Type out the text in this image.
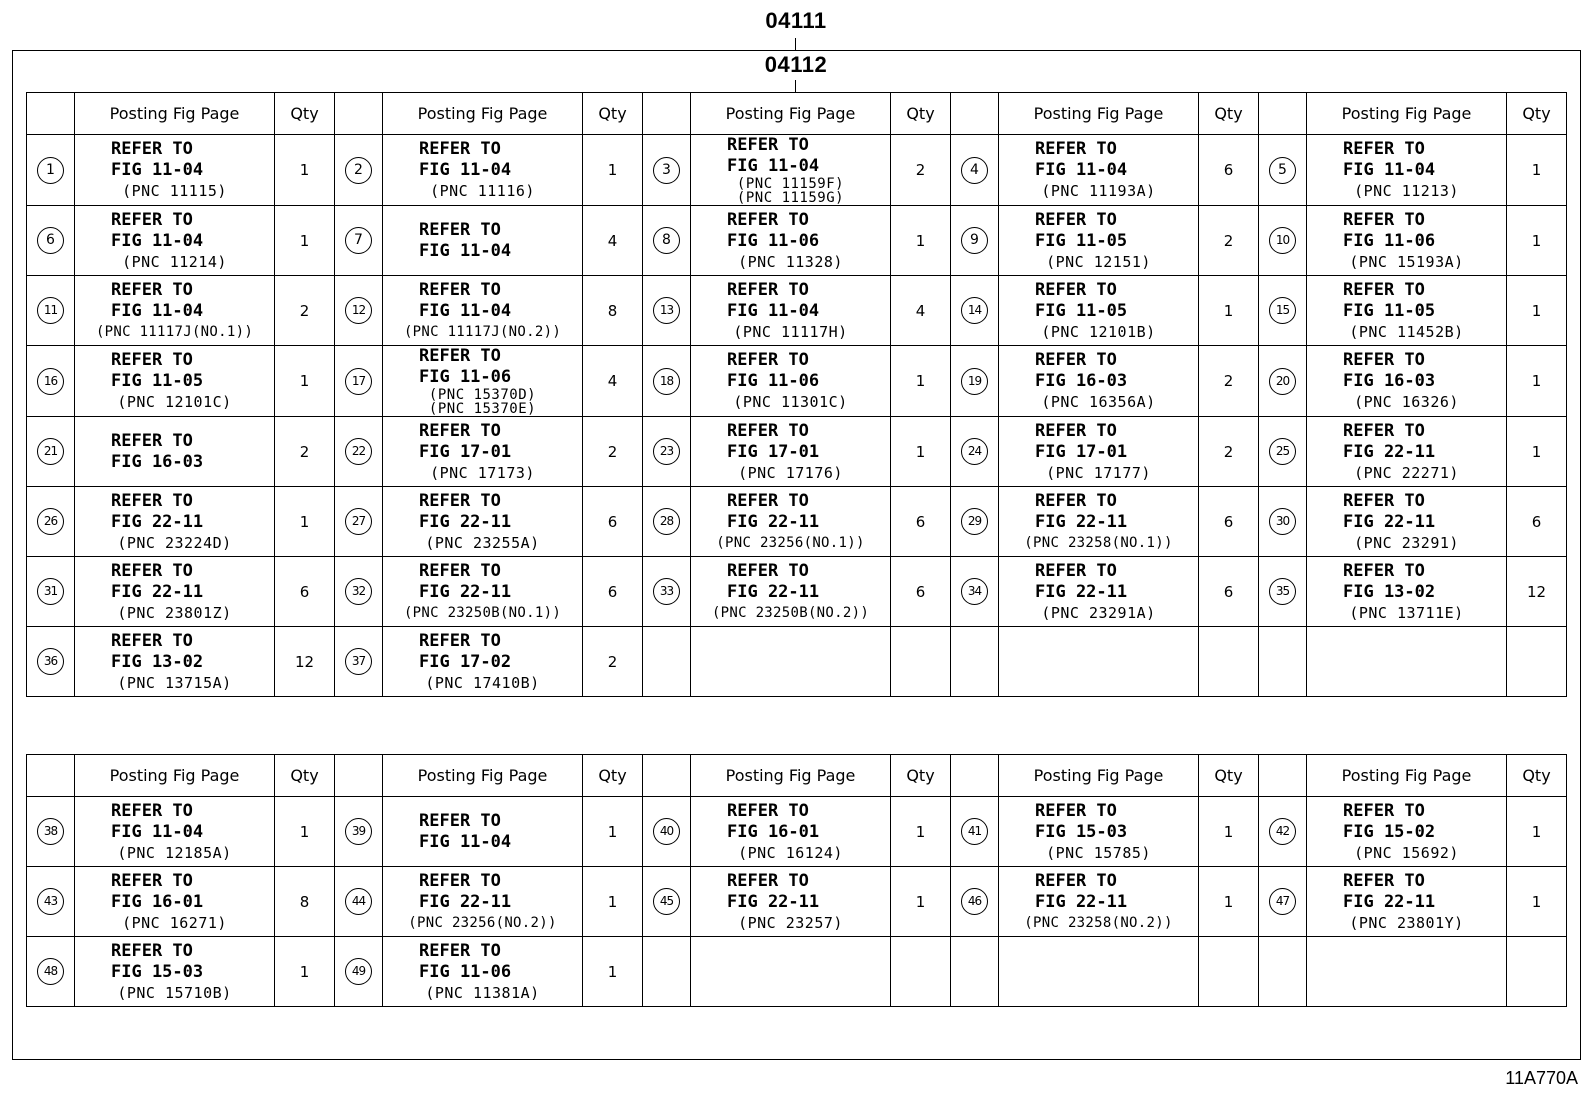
04111
04112
	Posting Fig Page	Qty		Posting Fig Page	Qty		Posting Fig Page	Qty		Posting Fig Page	Qty		Posting Fig Page	Qty
1	REFER TO
FIG 11-04
(PNC 11115)	1	2	REFER TO
FIG 11-04
(PNC 11116)	1	3	REFER TO
FIG 11-04
(PNC 11159F)
(PNC 11159G)	2	4	REFER TO
FIG 11-04
(PNC 11193A)	6	5	REFER TO
FIG 11-04
(PNC 11213)	1
6	REFER TO
FIG 11-04
(PNC 11214)	1	7	REFER TO
FIG 11-04	4	8	REFER TO
FIG 11-06
(PNC 11328)	1	9	REFER TO
FIG 11-05
(PNC 12151)	2	10	REFER TO
FIG 11-06
(PNC 15193A)	1
11	REFER TO
FIG 11-04
(PNC 11117J(NO.1))	2	12	REFER TO
FIG 11-04
(PNC 11117J(NO.2))	8	13	REFER TO
FIG 11-04
(PNC 11117H)	4	14	REFER TO
FIG 11-05
(PNC 12101B)	1	15	REFER TO
FIG 11-05
(PNC 11452B)	1
16	REFER TO
FIG 11-05
(PNC 12101C)	1	17	REFER TO
FIG 11-06
(PNC 15370D)
(PNC 15370E)	4	18	REFER TO
FIG 11-06
(PNC 11301C)	1	19	REFER TO
FIG 16-03
(PNC 16356A)	2	20	REFER TO
FIG 16-03
(PNC 16326)	1
21	REFER TO
FIG 16-03	2	22	REFER TO
FIG 17-01
(PNC 17173)	2	23	REFER TO
FIG 17-01
(PNC 17176)	1	24	REFER TO
FIG 17-01
(PNC 17177)	2	25	REFER TO
FIG 22-11
(PNC 22271)	1
26	REFER TO
FIG 22-11
(PNC 23224D)	1	27	REFER TO
FIG 22-11
(PNC 23255A)	6	28	REFER TO
FIG 22-11
(PNC 23256(NO.1))	6	29	REFER TO
FIG 22-11
(PNC 23258(NO.1))	6	30	REFER TO
FIG 22-11
(PNC 23291)	6
31	REFER TO
FIG 22-11
(PNC 23801Z)	6	32	REFER TO
FIG 22-11
(PNC 23250B(NO.1))	6	33	REFER TO
FIG 22-11
(PNC 23250B(NO.2))	6	34	REFER TO
FIG 22-11
(PNC 23291A)	6	35	REFER TO
FIG 13-02
(PNC 13711E)	12
36	REFER TO
FIG 13-02
(PNC 13715A)	12	37	REFER TO
FIG 17-02
(PNC 17410B)	2									
	Posting Fig Page	Qty		Posting Fig Page	Qty		Posting Fig Page	Qty		Posting Fig Page	Qty		Posting Fig Page	Qty
38	REFER TO
FIG 11-04
(PNC 12185A)	1	39	REFER TO
FIG 11-04	1	40	REFER TO
FIG 16-01
(PNC 16124)	1	41	REFER TO
FIG 15-03
(PNC 15785)	1	42	REFER TO
FIG 15-02
(PNC 15692)	1
43	REFER TO
FIG 16-01
(PNC 16271)	8	44	REFER TO
FIG 22-11
(PNC 23256(NO.2))	1	45	REFER TO
FIG 22-11
(PNC 23257)	1	46	REFER TO
FIG 22-11
(PNC 23258(NO.2))	1	47	REFER TO
FIG 22-11
(PNC 23801Y)	1
48	REFER TO
FIG 15-03
(PNC 15710B)	1	49	REFER TO
FIG 11-06
(PNC 11381A)	1									
11A770A
